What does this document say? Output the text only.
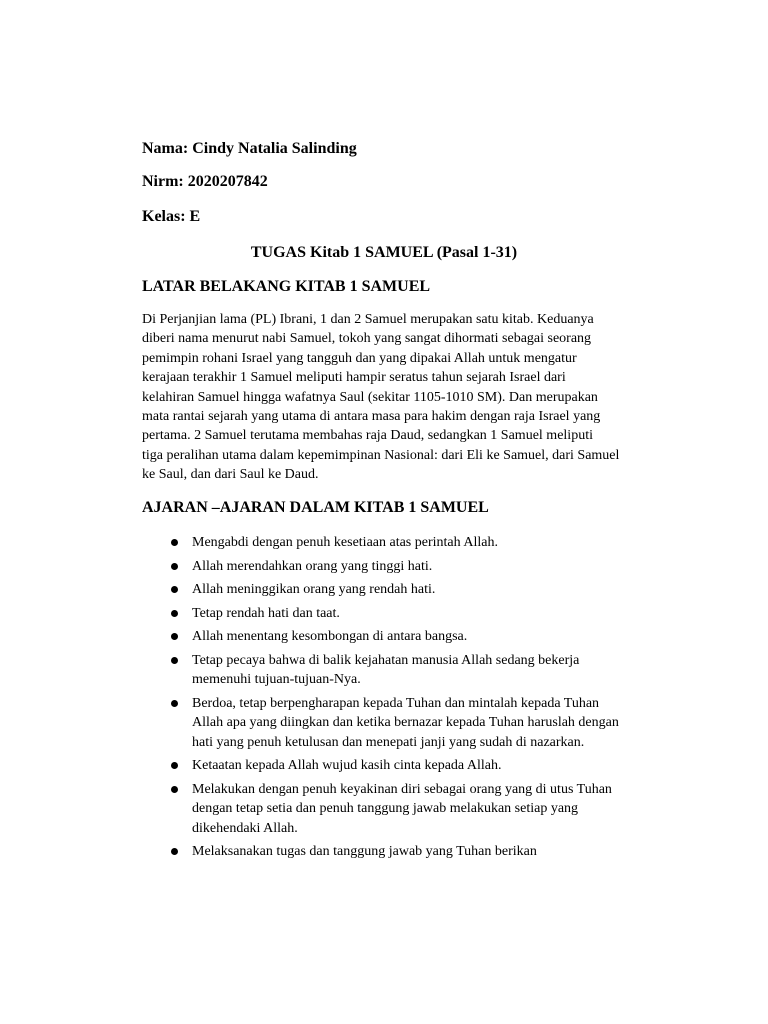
Nama: Cindy Natalia Salinding
Nirm: 2020207842
Kelas: E
TUGAS Kitab 1 SAMUEL (Pasal 1-31)
LATAR BELAKANG KITAB 1 SAMUEL
Di Perjanjian lama (PL) Ibrani, 1 dan 2 Samuel merupakan satu kitab. Keduanya
diberi nama menurut nabi Samuel, tokoh yang sangat dihormati sebagai seorang
pemimpin rohani Israel yang tangguh dan yang dipakai Allah untuk mengatur
kerajaan terakhir 1 Samuel meliputi hampir seratus tahun sejarah Israel dari
kelahiran Samuel hingga wafatnya Saul (sekitar 1105-1010 SM). Dan merupakan
mata rantai sejarah yang utama di antara masa para hakim dengan raja Israel yang
pertama. 2 Samuel terutama membahas raja Daud, sedangkan 1 Samuel meliputi
tiga peralihan utama dalam kepemimpinan Nasional: dari Eli ke Samuel, dari Samuel
ke Saul, dan dari Saul ke Daud.
AJARAN –AJARAN DALAM KITAB 1 SAMUEL
Mengabdi dengan penuh kesetiaan atas perintah Allah.
Allah merendahkan orang yang tinggi hati.
Allah meninggikan orang yang rendah hati.
Tetap rendah hati dan taat.
Allah menentang kesombongan di antara bangsa.
Tetap pecaya bahwa di balik kejahatan manusia Allah sedang bekerja
memenuhi tujuan-tujuan-Nya.
Berdoa, tetap berpengharapan kepada Tuhan dan mintalah kepada Tuhan
Allah apa yang diingkan dan ketika bernazar kepada Tuhan haruslah dengan
hati yang penuh ketulusan dan menepati janji yang sudah di nazarkan.
Ketaatan kepada Allah wujud kasih cinta kepada Allah.
Melakukan dengan penuh keyakinan diri sebagai orang yang di utus Tuhan
dengan tetap setia dan penuh tanggung jawab melakukan setiap yang
dikehendaki Allah.
Melaksanakan tugas dan tanggung jawab yang Tuhan berikan
